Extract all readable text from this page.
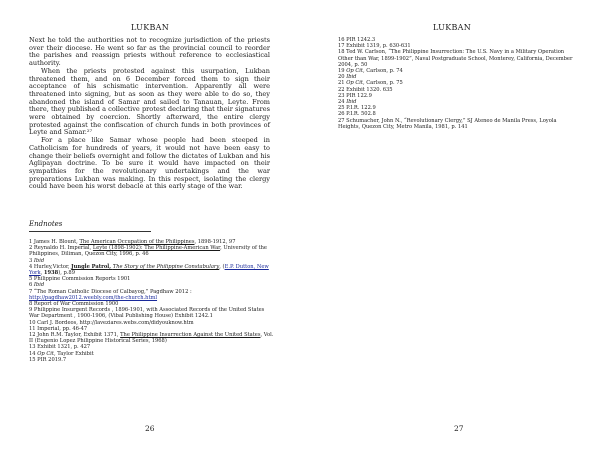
LUKBAN

Next he told the authorities not to recognize jurisdiction of the priests over their diocese. He went so far as the provincial council to reorder the parishes and reassign priests without reference to ecclesiastical authority.

When the priests protested against this usurpation, Lukban threatened them, and on 6 December forced them to sign their acceptance of his schismatic intervention. Apparently all were threatened into signing, but as soon as they were able to do so, they abandoned the island of Samar and sailed to Tanauan, Leyte. From there, they published a collective protest declaring that their signatures were obtained by coercion. Shortly afterward, the entire clergy protested against the confiscation of church funds in both provinces of Leyte and Samar.²⁷

For a place like Samar whose people had been steeped in Catholicism for hundreds of years, it would not have been easy to change their beliefs overnight and follow the dictates of Lukban and his Aglipayan doctrine. To be sure it would have impacted on their sympathies for the revolutionary undertakings and the war preparations Lukban was making. In this respect, isolating the clergy could have been his worst debacle at this early stage of the war.

Endnotes

1 James H. Blount, The American Occupation of the Philippines, 1898-1912, 97

2 Reynaldo H. Imperial, Leyte (1898-1902): The Philippine-American War, University of the Philippines, Diliman, Quezon City, 1996, p. 46

3 Ibid

4 Hurley,Victor, Jungle Patrol, The Story of the Philippine Constabulary, (E.P. Dutton, New York, 1938), p.89

5 Philippine Commission Reports 1901

6 Ibid

7 “The Roman Catholic Diocese of Calbayog,” Pagdhaw 2012 : http://pagdhaw2012.weebly.com/the-church.html

8 Report of War Commission 1900

9 Philippine Insurgent Records , 1896-1901, with Associated Records of the United States War Department , 1900-1906, (Vibal Publishing House) Exhibit 1242.1

10 Carl J. Bordeos, http://laveziares.webs.com/didyouknow.htm

11 Imperial, pp. 46-47

12 John R.M. Taylor, Exhibit 1371, The Philippine Insurrection Against the United States, Vol. II (Eugenio Lopez Philippine Historical Series, 1968)

13 Exhibit 1321, p. 427

14 Op Cit, Taylor Exhibit

15 PIR 2019.7

26
LUKBAN

16 PIR 1242.3

17 Exhibit 1319, p. 630-631

18 Ted W. Carlson, “The Philippine Insurrection: The U.S. Navy in a Military Operation Other than War, 1899-1902”, Naval Postgraduate School, Monterey, California, December 2004, p. 50

19 Op Cit, Carlson, p. 74

20 Ibid

21 Op Cit, Carlson, p. 75

22 Exhibit 1320. 635

23 PIR 122.9

24 Ibid

25 P.I.R. 122.9

26 P.I.R. 502.8

27 Schumacher, John N., “Revolutionary Clergy,” SJ Ateneo de Manila Press, Loyola Heights, Quezon City, Metro Manila, 1981, p. 141

27
